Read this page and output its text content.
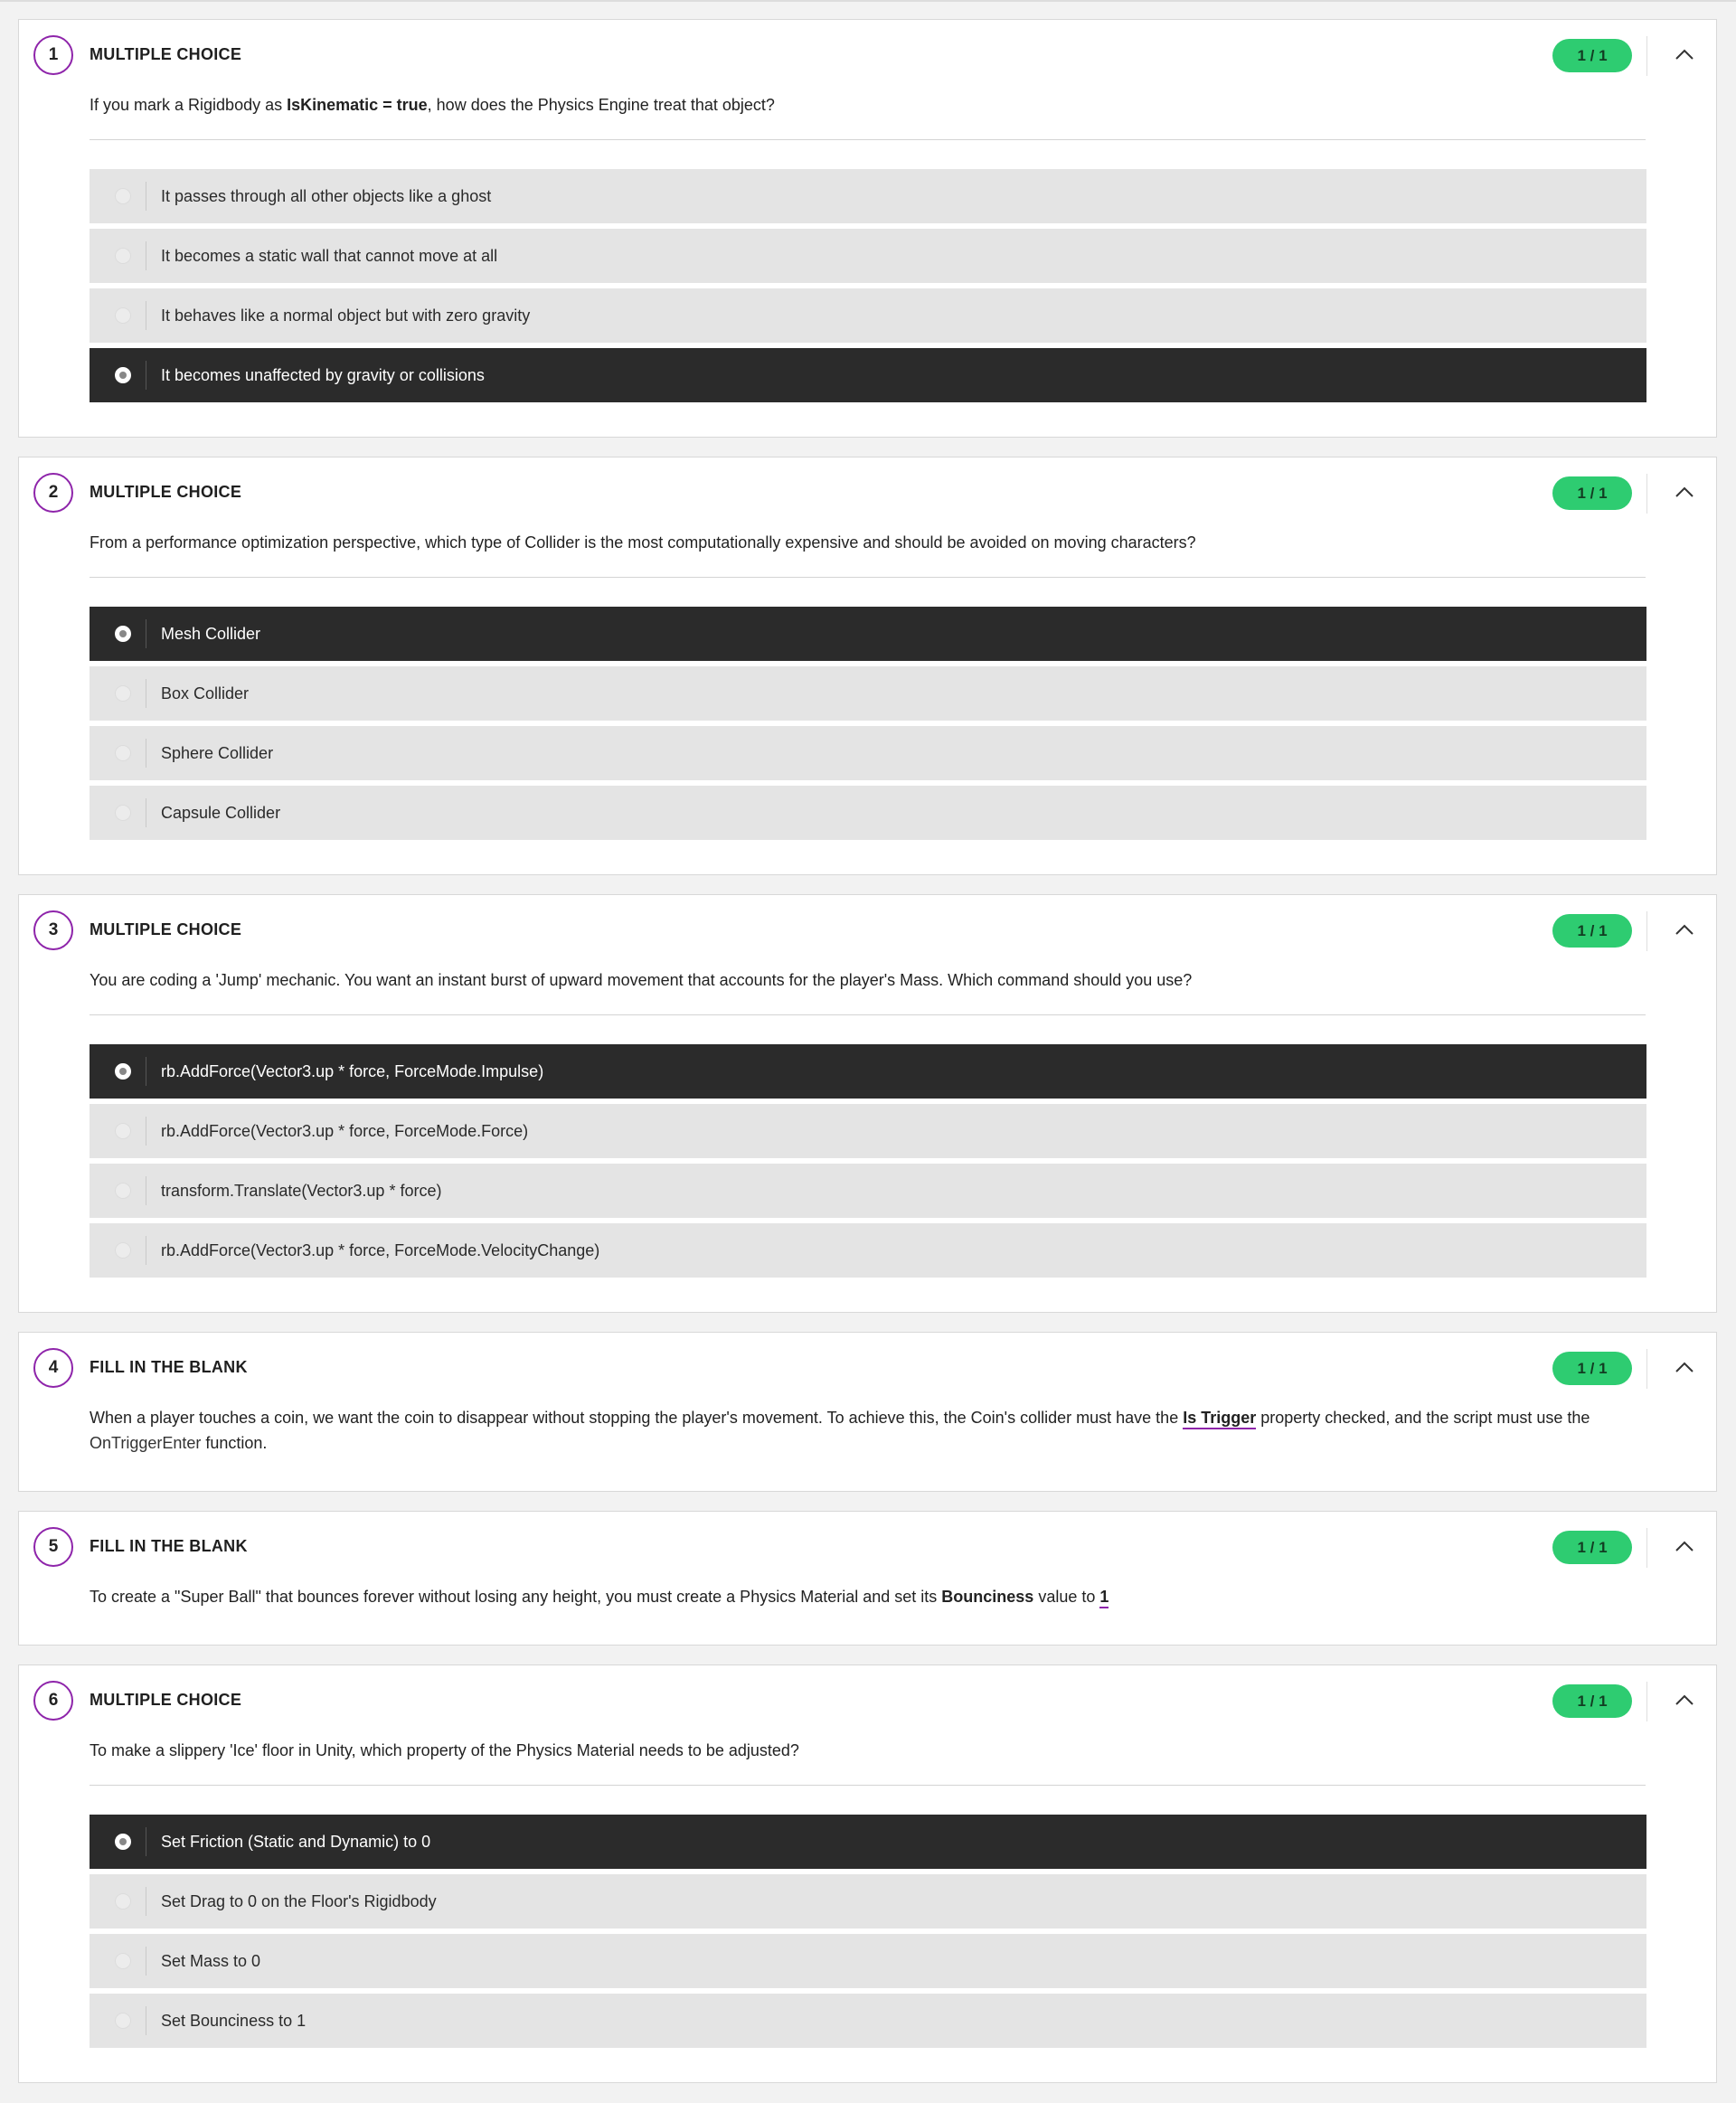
1	MULTIPLE CHOICE	1 / 1
If you mark a Rigidbody as IsKinematic = true, how does the Physics Engine treat that object?
It passes through all other objects like a ghost
It becomes a static wall that cannot move at all
It behaves like a normal object but with zero gravity
It becomes unaffected by gravity or collisions
2	MULTIPLE CHOICE	1 / 1
From a performance optimization perspective, which type of Collider is the most computationally expensive and should be avoided on moving characters?
Mesh Collider
Box Collider
Sphere Collider
Capsule Collider
3	MULTIPLE CHOICE	1 / 1
You are coding a 'Jump' mechanic. You want an instant burst of upward movement that accounts for the player's Mass. Which command should you use?
rb.AddForce(Vector3.up * force, ForceMode.Impulse)
rb.AddForce(Vector3.up * force, ForceMode.Force)
transform.Translate(Vector3.up * force)
rb.AddForce(Vector3.up * force, ForceMode.VelocityChange)
4	FILL IN THE BLANK	1 / 1
When a player touches a coin, we want the coin to disappear without stopping the player's movement. To achieve this, the Coin's collider must have the Is Trigger property checked, and the script must use the OnTriggerEnter function.
5	FILL IN THE BLANK	1 / 1
To create a "Super Ball" that bounces forever without losing any height, you must create a Physics Material and set its Bounciness value to 1
6	MULTIPLE CHOICE	1 / 1
To make a slippery 'Ice' floor in Unity, which property of the Physics Material needs to be adjusted?
Set Friction (Static and Dynamic) to 0
Set Drag to 0 on the Floor's Rigidbody
Set Mass to 0
Set Bounciness to 1
